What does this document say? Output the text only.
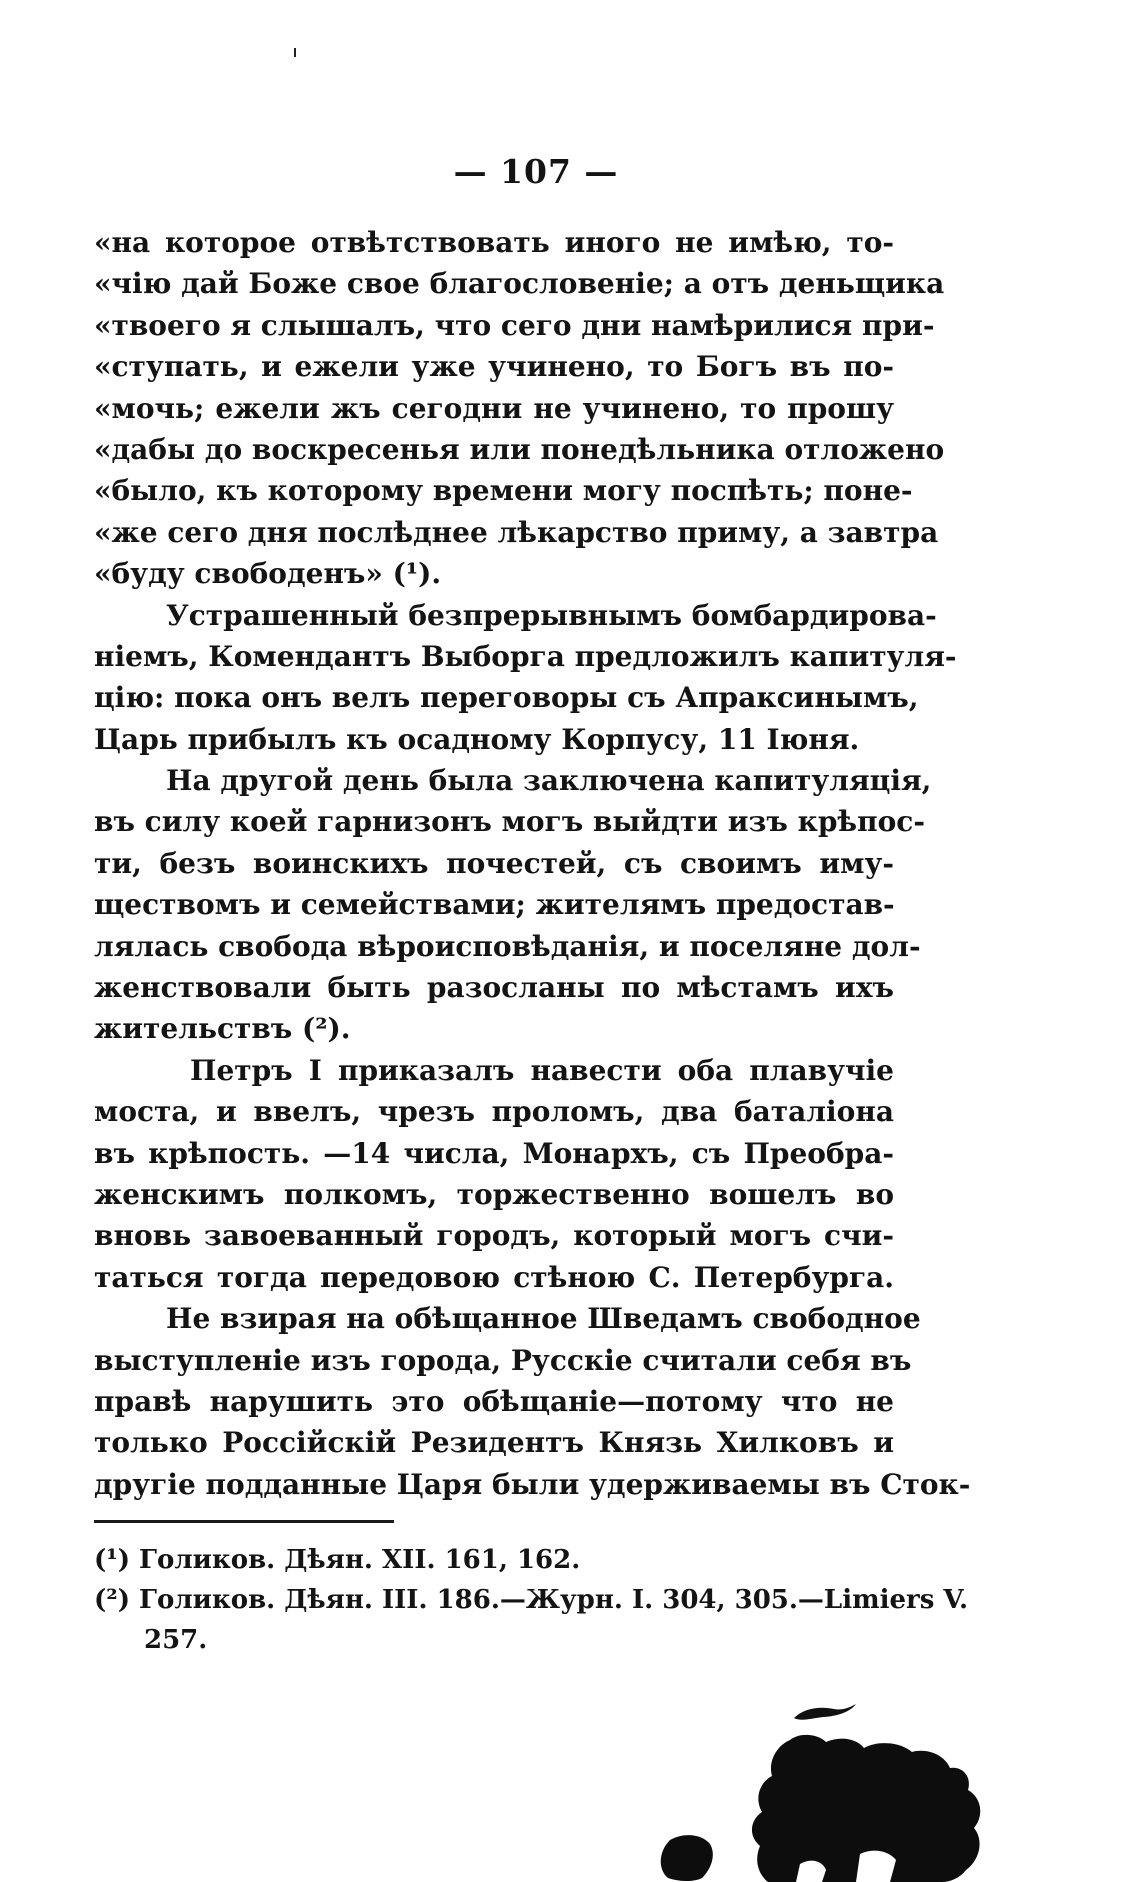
— 107 —
«на которое отвѣтствовать иного не имѣю, то-
«чію дай Боже свое благословеніе; а отъ деньщика
«твоего я слышалъ, что сего дни намѣрилися при-
«ступать, и ежели уже учинено, то Богъ въ по-
«мочь; ежели жъ сегодни не учинено, то прошу
«дабы до воскресенья или понедѣльника отложено
«было, къ которому времени могу поспѣть; поне-
«же сего дня послѣднее лѣкарство приму, а завтра
«буду свободенъ» (¹).
Устрашенный безпрерывнымъ бомбардирова-
ніемъ, Комендантъ Выборга предложилъ капитуля-
цію: пока онъ велъ переговоры съ Апраксинымъ,
Царь прибылъ къ осадному Корпусу, 11 Іюня.
На другой день была заключена капитуляція,
въ силу коей гарнизонъ могъ выйдти изъ крѣпос-
ти, безъ воинскихъ почестей, съ своимъ иму-
ществомъ и семействами; жителямъ предостав-
лялась свобода вѣроисповѣданія, и поселяне дол-
женствовали быть разосланы по мѣстамъ ихъ
жительствъ (²).
Петръ I приказалъ навести оба плавучіе
моста, и ввелъ, чрезъ проломъ, два баталіона
въ крѣпость. —14 числа, Монархъ, съ Преобра-
женскимъ полкомъ, торжественно вошелъ во
вновь завоеванный городъ, который могъ счи-
таться тогда передовою стѣною С. Петербурга.
Не взирая на обѣщанное Шведамъ свободное
выступленіе изъ города, Русскіе считали себя въ
правѣ нарушить это обѣщаніе—потому что не
только Россійскій Резидентъ Князь Хилковъ и
другіе подданные Царя были удерживаемы въ Сток-
(¹) Голиков. Дѣян. XII. 161, 162.
(²) Голиков. Дѣян. III. 186.—Журн. I. 304, 305.—Limiers V.
257.
